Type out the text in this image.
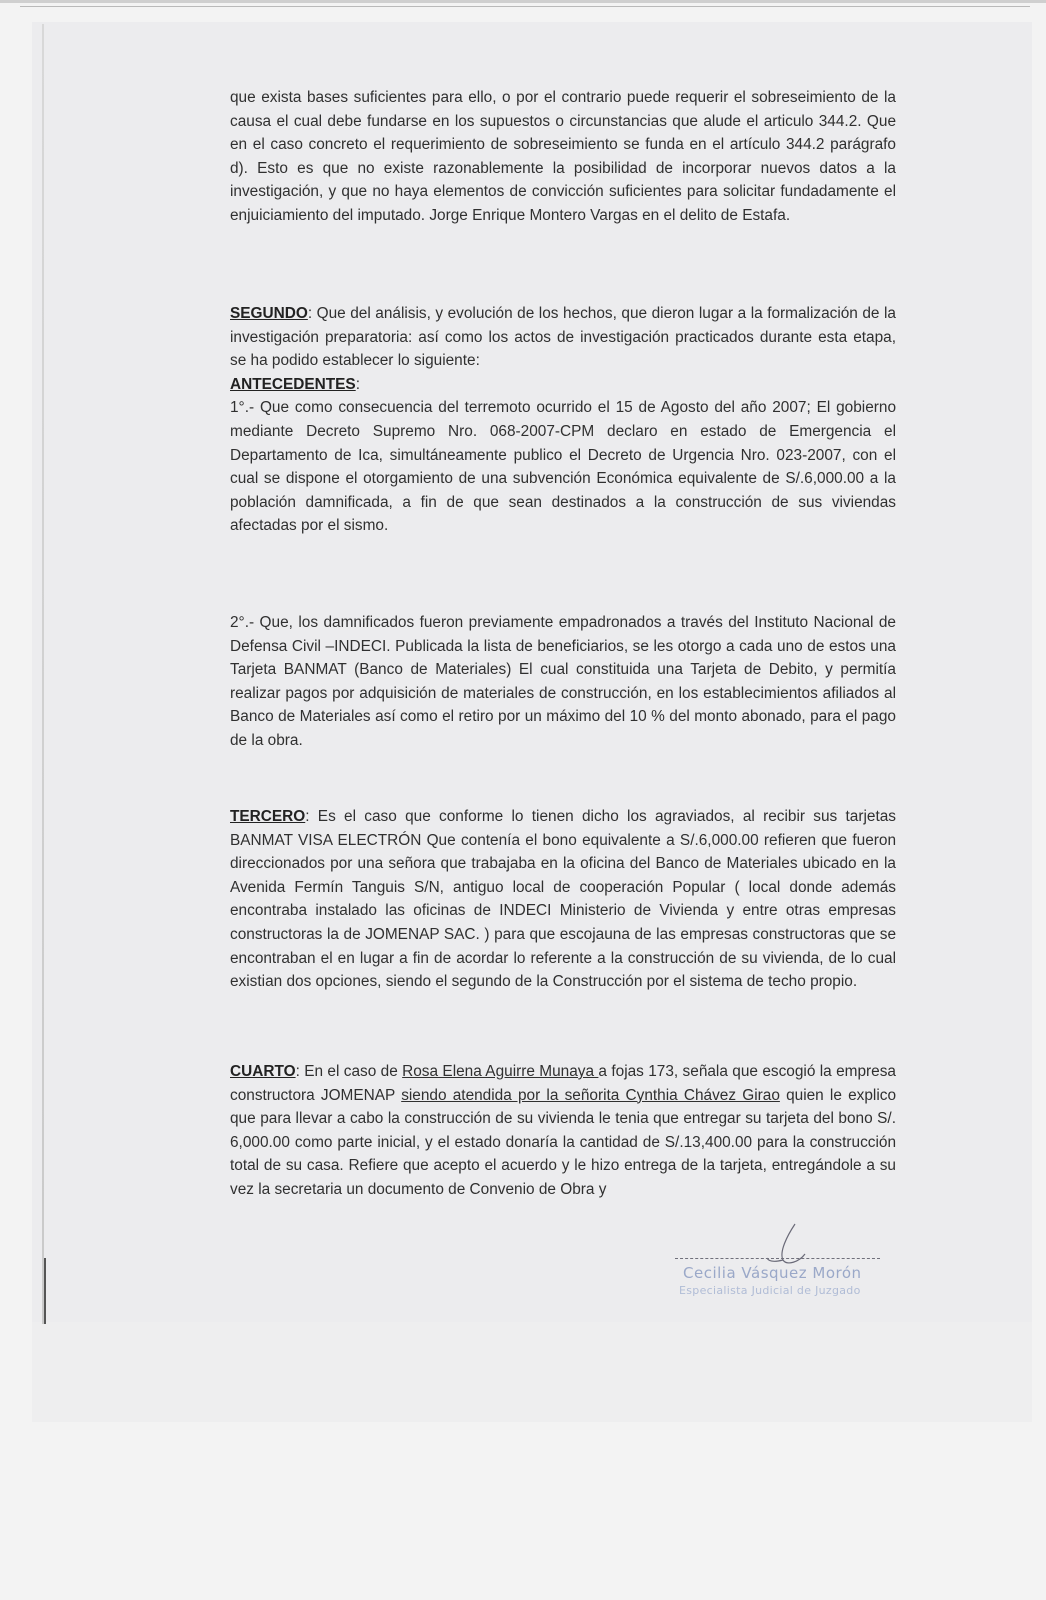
que exista bases suficientes para ello, o por el contrario puede requerir el sobreseimiento de la causa el cual debe fundarse en los supuestos o circunstancias que alude el articulo 344.2. Que en el caso concreto el requerimiento de sobreseimiento se funda en el artículo 344.2 parágrafo d). Esto es que no existe razonablemente la posibilidad de incorporar nuevos datos a la investigación, y que no haya elementos de convicción suficientes para solicitar fundadamente el enjuiciamiento del imputado. Jorge Enrique Montero Vargas en el delito de Estafa.

SEGUNDO: Que del análisis, y evolución de los hechos, que dieron lugar a la formalización de la investigación preparatoria: así como los actos de investigación practicados durante esta etapa, se ha podido establecer lo siguiente:

ANTECEDENTES:

1°.- Que como consecuencia del terremoto ocurrido el 15 de Agosto del año 2007; El gobierno mediante Decreto Supremo Nro. 068-2007-CPM declaro en estado de Emergencia el Departamento de Ica, simultáneamente publico el Decreto de Urgencia Nro. 023-2007, con el cual se dispone el otorgamiento de una subvención Económica equivalente de S/.6,000.00 a la población damnificada, a fin de que sean destinados a la construcción de sus viviendas afectadas por el sismo.

2°.- Que, los damnificados fueron previamente empadronados a través del Instituto Nacional de Defensa Civil –INDECI. Publicada la lista de beneficiarios, se les otorgo a cada uno de estos una Tarjeta BANMAT (Banco de Materiales) El cual constituida una Tarjeta de Debito, y permitía realizar pagos por adquisición de materiales de construcción, en los establecimientos afiliados al Banco de Materiales así como el retiro por un máximo del 10 % del monto abonado, para el pago de la obra.

TERCERO: Es el caso que conforme lo tienen dicho los agraviados, al recibir sus tarjetas BANMAT VISA ELECTRÓN Que contenía el bono equivalente a S/.6,000.00 refieren que fueron direccionados por una señora que trabajaba en la oficina del Banco de Materiales ubicado en la Avenida Fermín Tanguis S/N, antiguo local de cooperación Popular ( local donde además encontraba instalado las oficinas de INDECI Ministerio de Vivienda y entre otras empresas constructoras la de JOMENAP SAC. ) para que escojauna de las empresas constructoras que se encontraban el en lugar a fin de acordar lo referente a la construcción de su vivienda, de lo cual existian dos opciones, siendo el segundo de la Construcción por el sistema de techo propio.

CUARTO: En el caso de Rosa Elena Aguirre Munaya a fojas 173, señala que escogió la empresa constructora JOMENAP siendo atendida por la señorita Cynthia Chávez Girao quien le explico que para llevar a cabo la construcción de su vivienda le tenia que entregar su tarjeta del bono S/. 6,000.00 como parte inicial, y el estado donaría la cantidad de S/.13,400.00 para la construcción total de su casa. Refiere que acepto el acuerdo y le hizo entrega de la tarjeta, entregándole a su vez la secretaria un documento de Convenio de Obra y

Cecilia Vásquez Morón
Especialista Judicial de Juzgado
